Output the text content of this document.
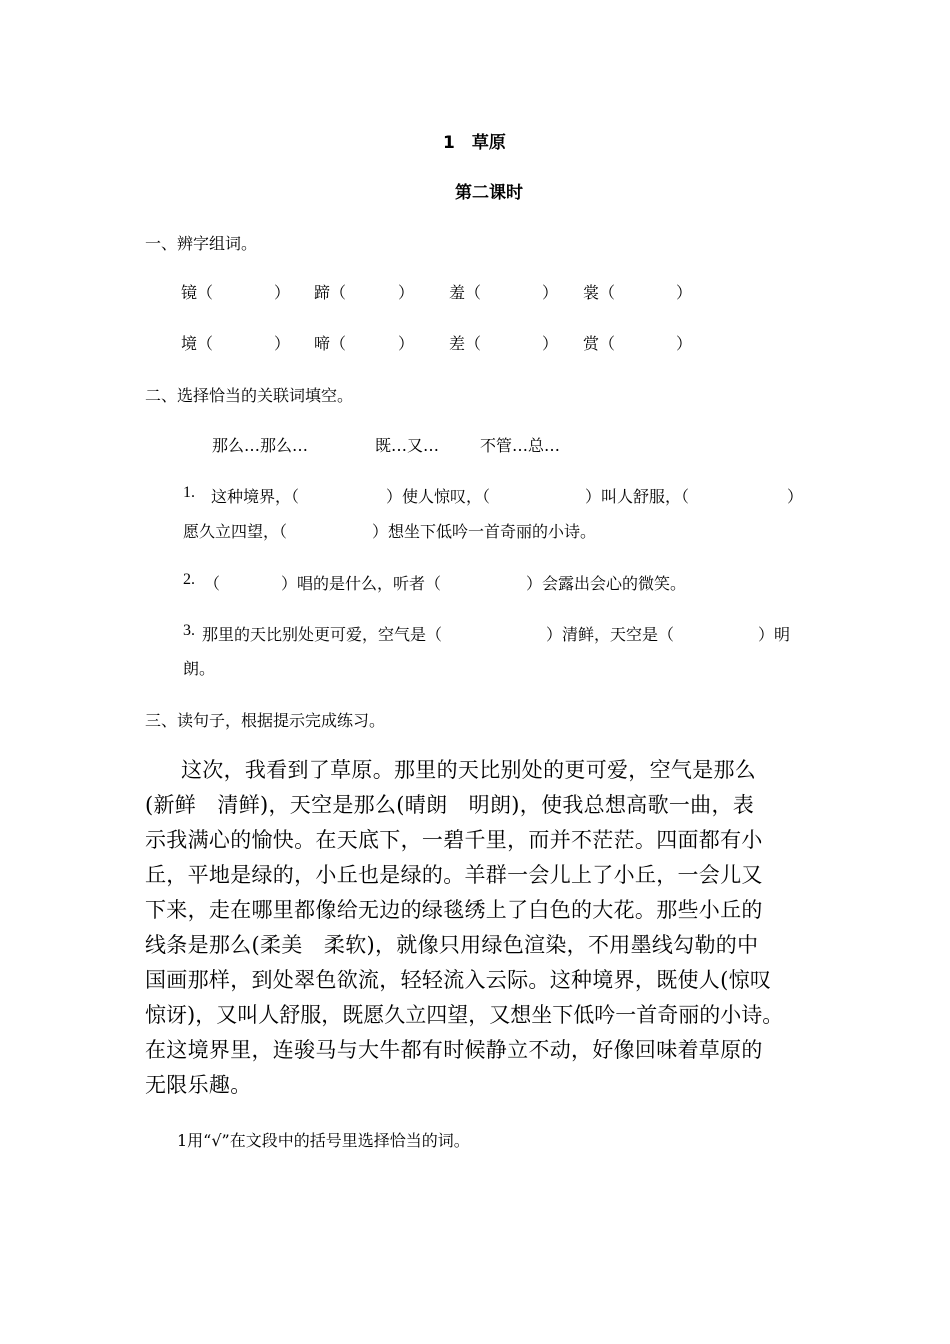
1　草原
第二课时
一、辨字组词。
镜（	） 蹄（	） 羞（	） 裳（	）
境（	） 啼（	） 差（	） 赏（	）
二、选择恰当的关联词填空。
那么…那么…	既…又…	不管…总…
1. 这种境界，（	）使人惊叹，（	）叫人舒服，（	）
愿久立四望，（	）想坐下低吟一首奇丽的小诗。
2. （	）唱的是什么，听者（	）会露出会心的微笑。
3. 那里的天比别处更可爱，空气是（	）清鲜，天空是（	）明
朗。
三、读句子，根据提示完成练习。
这次，我看到了草原。那里的天比别处的更可爱，空气是那么
(新鲜　清鲜)，天空是那么(晴朗　明朗)，使我总想高歌一曲，表
示我满心的愉快。在天底下，一碧千里，而并不茫茫。四面都有小
丘，平地是绿的，小丘也是绿的。羊群一会儿上了小丘，一会儿又
下来，走在哪里都像给无边的绿毯绣上了白色的大花。那些小丘的
线条是那么(柔美　柔软)，就像只用绿色渲染，不用墨线勾勒的中
国画那样，到处翠色欲流，轻轻流入云际。这种境界，既使人(惊叹
惊讶)，又叫人舒服，既愿久立四望，又想坐下低吟一首奇丽的小诗。
在这境界里，连骏马与大牛都有时候静立不动，好像回味着草原的
无限乐趣。
1用“√”在文段中的括号里选择恰当的词。
